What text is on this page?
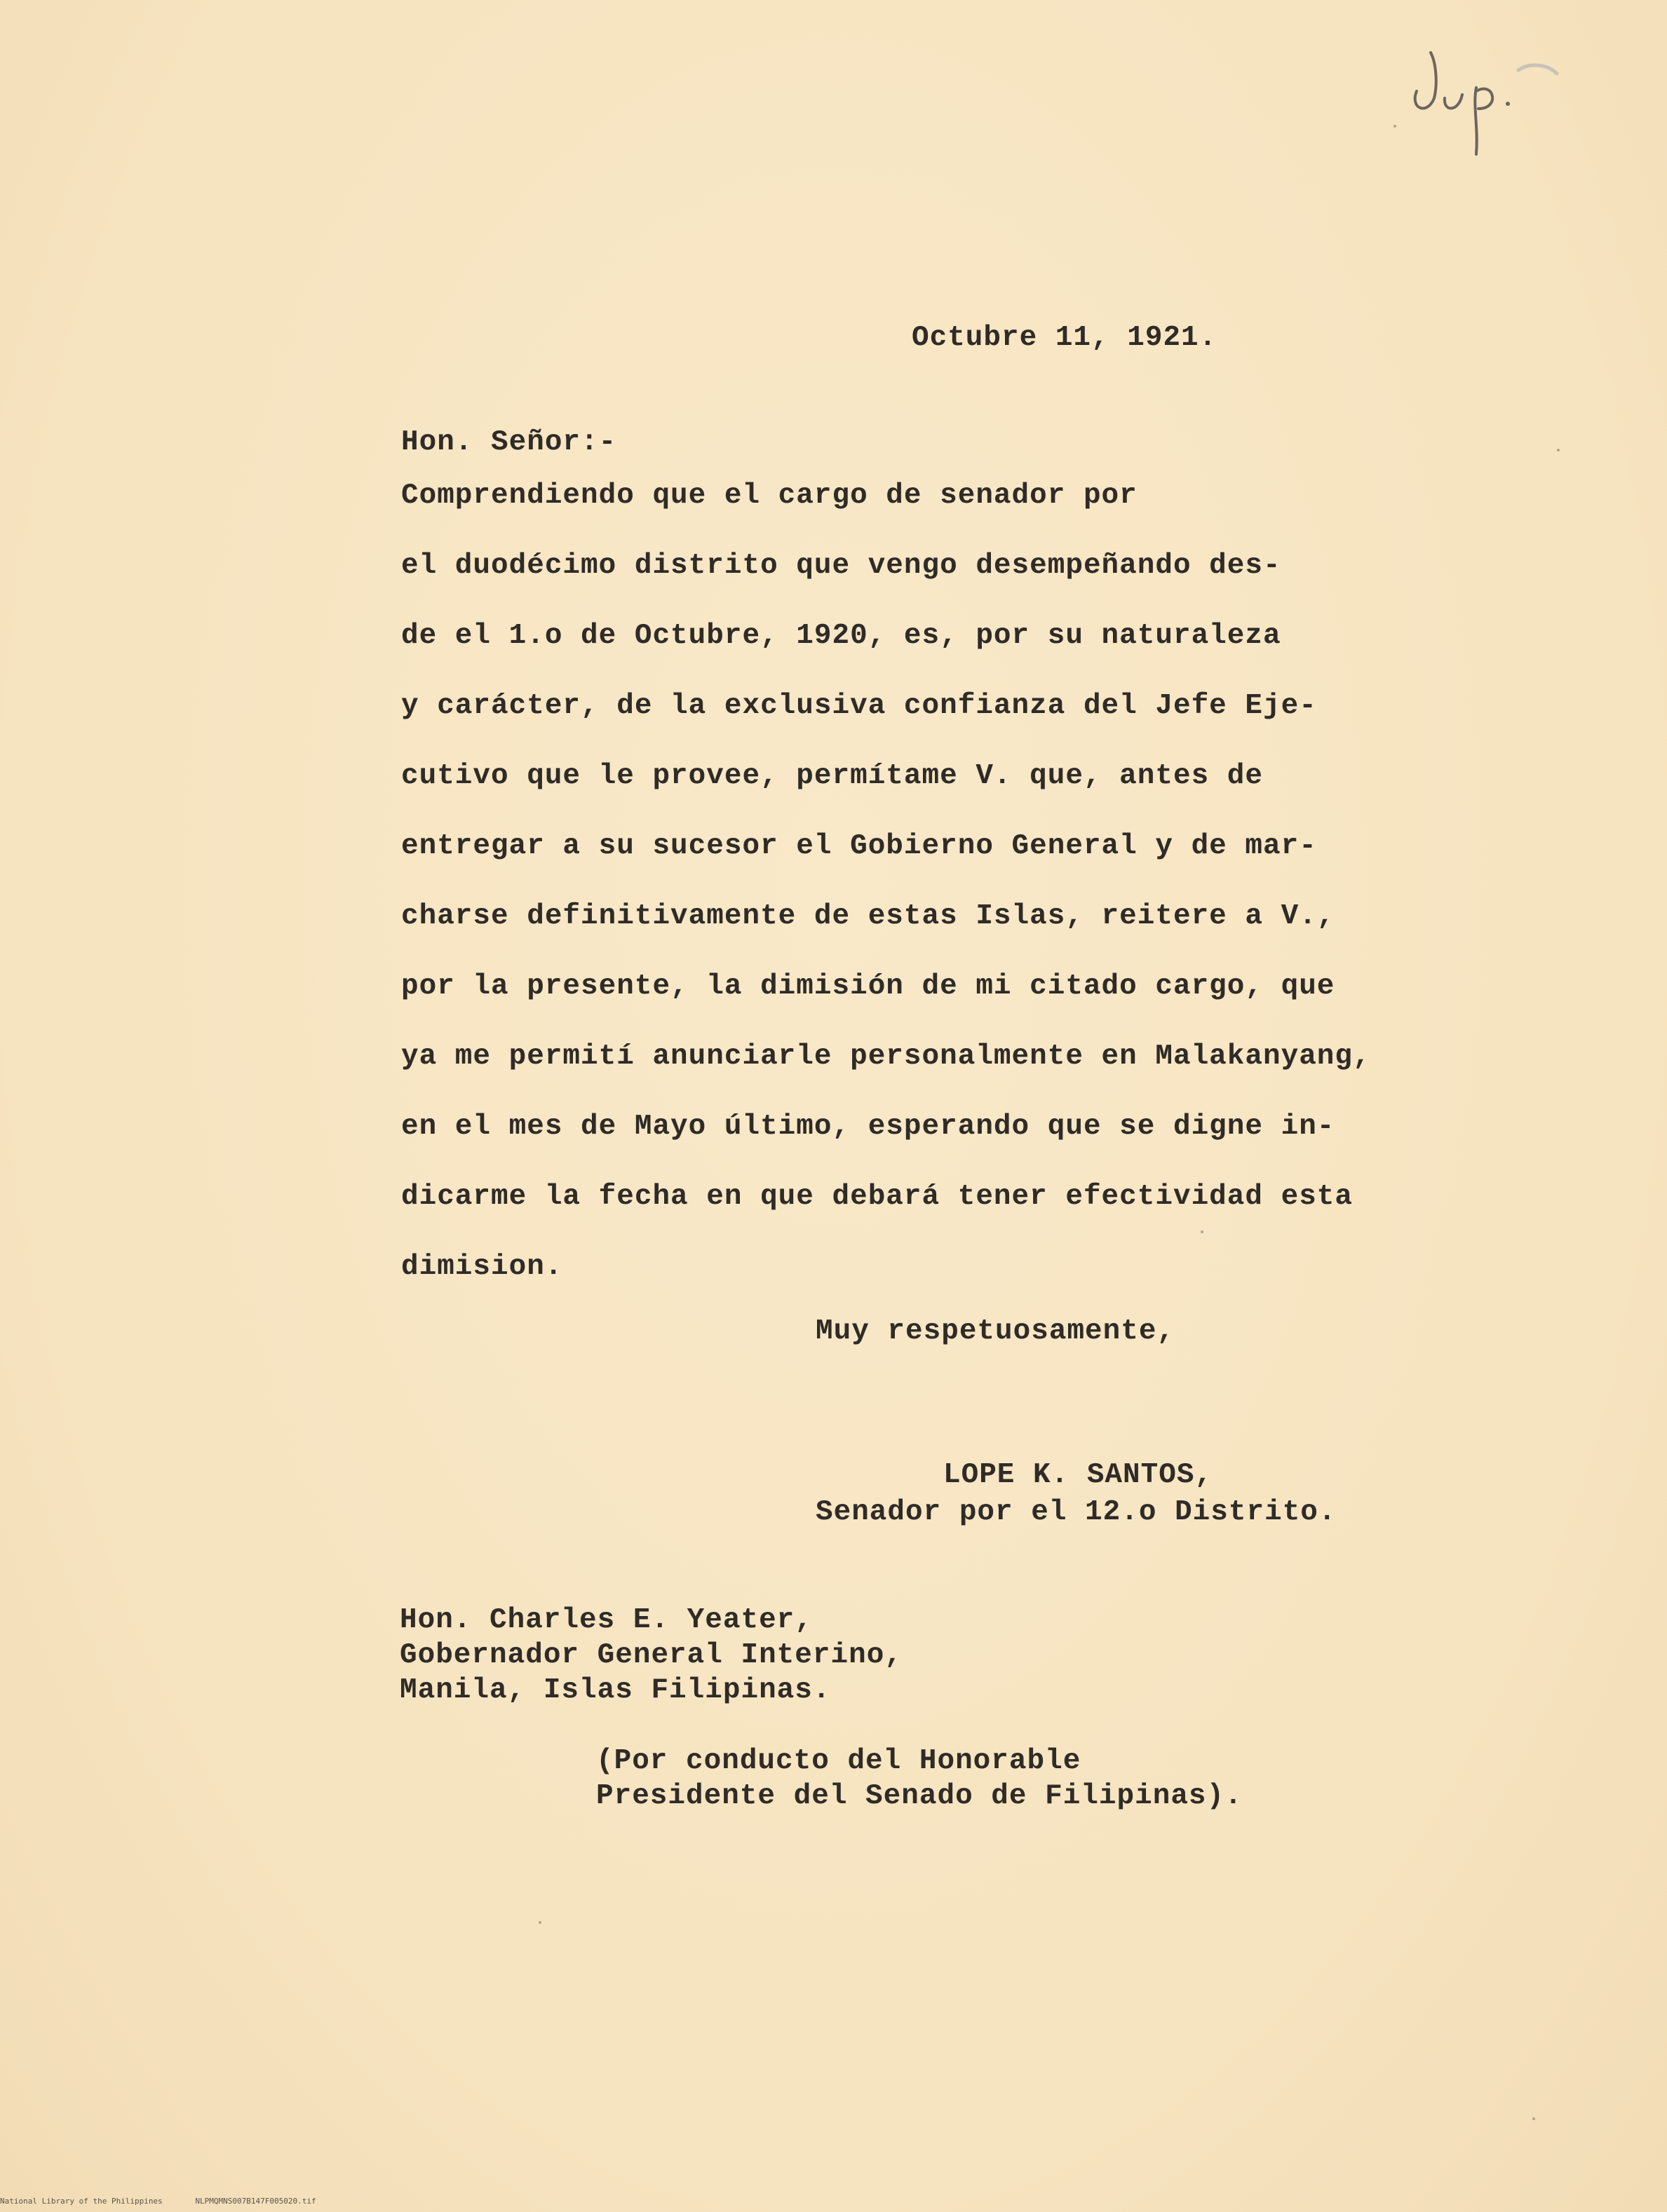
Octubre 11, 1921.
Hon. Señor:-
Comprendiendo que el cargo de senador por
el duodécimo distrito que vengo desempeñando des-
de el 1.o de Octubre, 1920, es, por su naturaleza
y carácter, de la exclusiva confianza del Jefe Eje-
cutivo que le provee, permítame V. que, antes de
entregar a su sucesor el Gobierno General y de mar-
charse definitivamente de estas Islas, reitere a V.,
por la presente, la dimisión de mi citado cargo, que
ya me permití anunciarle personalmente en Malakanyang,
en el mes de Mayo último, esperando que se digne in-
dicarme la fecha en que debará tener efectividad esta
dimision.
Muy respetuosamente,
LOPE K. SANTOS,
Senador por el 12.o Distrito.
Hon. Charles E. Yeater,
Gobernador General Interino,
Manila, Islas Filipinas.
(Por conducto del Honorable
Presidente del Senado de Filipinas).
National Library of the Philippines	NLPMQMNS007B147F005020.tif
